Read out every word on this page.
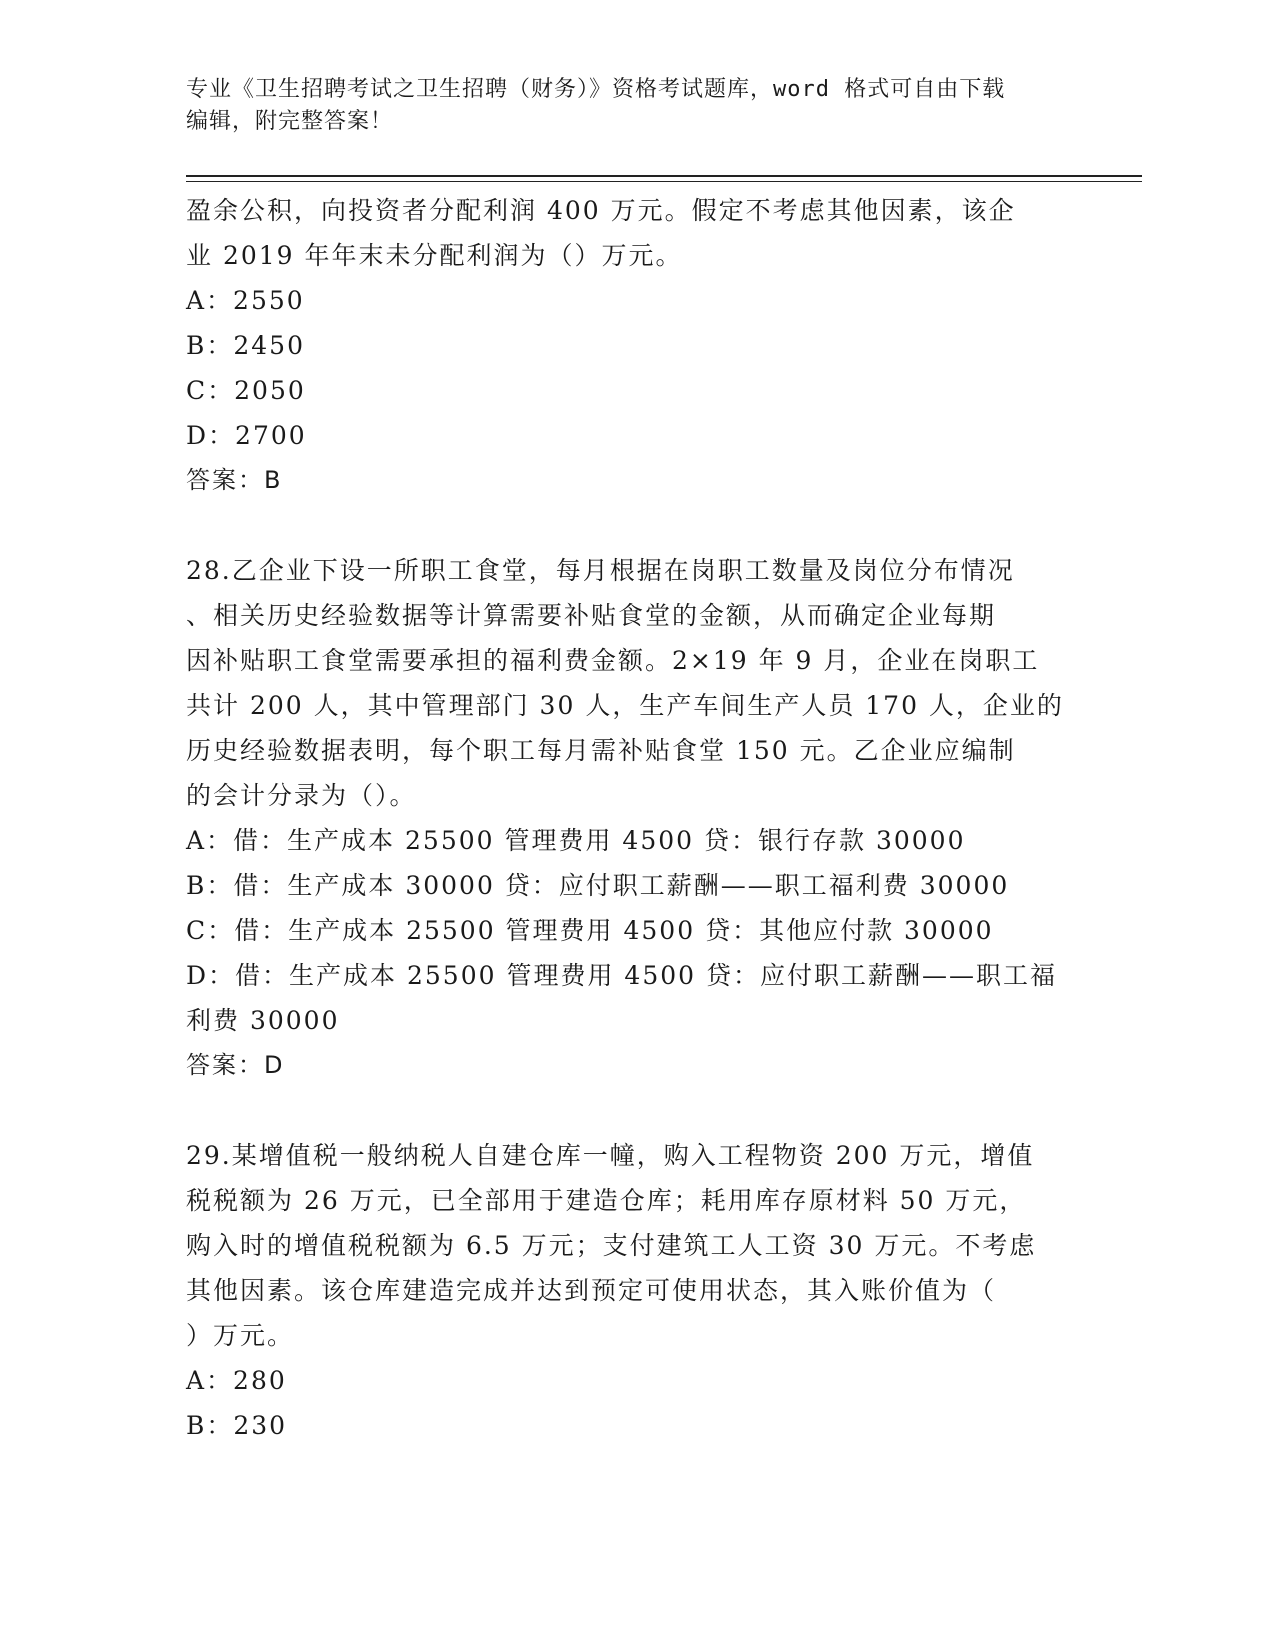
专业《卫生招聘考试之卫生招聘（财务）》资格考试题库，word 格式可自由下载
编辑，附完整答案！
盈余公积，向投资者分配利润 400 万元。假定不考虑其他因素，该企
业 2019 年年末未分配利润为（）万元。
A：2550
B：2450
C：2050
D：2700
答案：B
28.乙企业下设一所职工食堂，每月根据在岗职工数量及岗位分布情况
、相关历史经验数据等计算需要补贴食堂的金额，从而确定企业每期
因补贴职工食堂需要承担的福利费金额。2×19 年 9 月，企业在岗职工
共计 200 人，其中管理部门 30 人，生产车间生产人员 170 人，企业的
历史经验数据表明，每个职工每月需补贴食堂 150 元。乙企业应编制
的会计分录为（）。
A：借：生产成本 25500 管理费用 4500 贷：银行存款 30000
B：借：生产成本 30000 贷：应付职工薪酬——职工福利费 30000
C：借：生产成本 25500 管理费用 4500 贷：其他应付款 30000
D：借：生产成本 25500 管理费用 4500 贷：应付职工薪酬——职工福
利费 30000
答案：D
29.某增值税一般纳税人自建仓库一幢，购入工程物资 200 万元，增值
税税额为 26 万元，已全部用于建造仓库；耗用库存原材料 50 万元，
购入时的增值税税额为 6.5 万元；支付建筑工人工资 30 万元。不考虑
其他因素。该仓库建造完成并达到预定可使用状态，其入账价值为（
）万元。
A：280
B：230
